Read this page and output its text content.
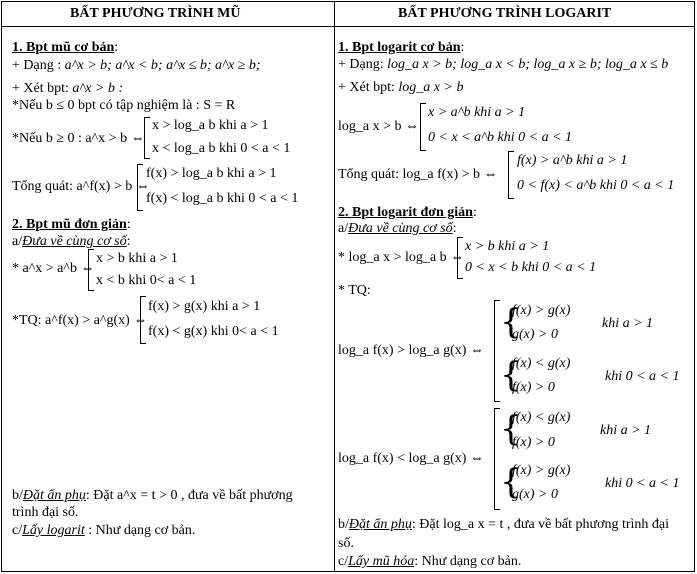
BẤT PHƯƠNG TRÌNH MŨ
1. Bpt mũ cơ bản:
+ Dạng : a^x > b; a^x < b; a^x ≤ b; a^x ≥ b;
+ Xét bpt: a^x > b :
*Nếu b ≤ 0 bpt có tập nghiệm là : S = R
*Nếu b ≥ 0 : a^x > b ⇔
x > log_a b khi a > 1
x < log_a b khi 0 < a < 1
Tổng quát: a^f(x) > b ⇔
f(x) > log_a b khi a > 1
f(x) < log_a b khi 0 < a < 1
2. Bpt mũ đơn giản:
a/Đưa về cùng cơ số:
* a^x > a^b ⇔
x > b khi a > 1
x < b khi 0< a < 1
*TQ: a^f(x) > a^g(x) ⇔
f(x) > g(x) khi a > 1
f(x) < g(x) khi 0< a < 1
b/Đặt ẩn phụ: Đặt a^x = t > 0 , đưa về bất phương
trình đại số.
c/Lấy logarit : Như dạng cơ bản.
BẤT PHƯƠNG TRÌNH LOGARIT
1. Bpt logarit cơ bản:
+ Dạng: log_a x > b; log_a x < b; log_a x ≥ b; log_a x ≤ b
+ Xét bpt: log_a x > b
log_a x > b ⇔
x > a^b khi a > 1
0 < x < a^b khi 0 < a < 1
Tổng quát: log_a f(x) > b ⇔
f(x) > a^b khi a > 1
0 < f(x) < a^b khi 0 < a < 1
2. Bpt logarit đơn giản:
a/Đưa về cùng cơ số:
* log_a x > log_a b ⇔
x > b khi a > 1
0 < x < b khi 0 < a < 1
* TQ:
log_a f(x) > log_a g(x) ⇔
{
f(x) > g(x)
g(x) > 0
khi a > 1
{
f(x) < g(x)
f(x) > 0
khi 0 < a < 1
log_a f(x) < log_a g(x) ⇔
{
f(x) < g(x)
f(x) > 0
khi a > 1
{
f(x) > g(x)
g(x) > 0
khi 0 < a < 1
b/Đặt ẩn phụ: Đặt log_a x = t , đưa về bất phương trình đại
số.
c/Lấy mũ hóa: Như dạng cơ bản.
